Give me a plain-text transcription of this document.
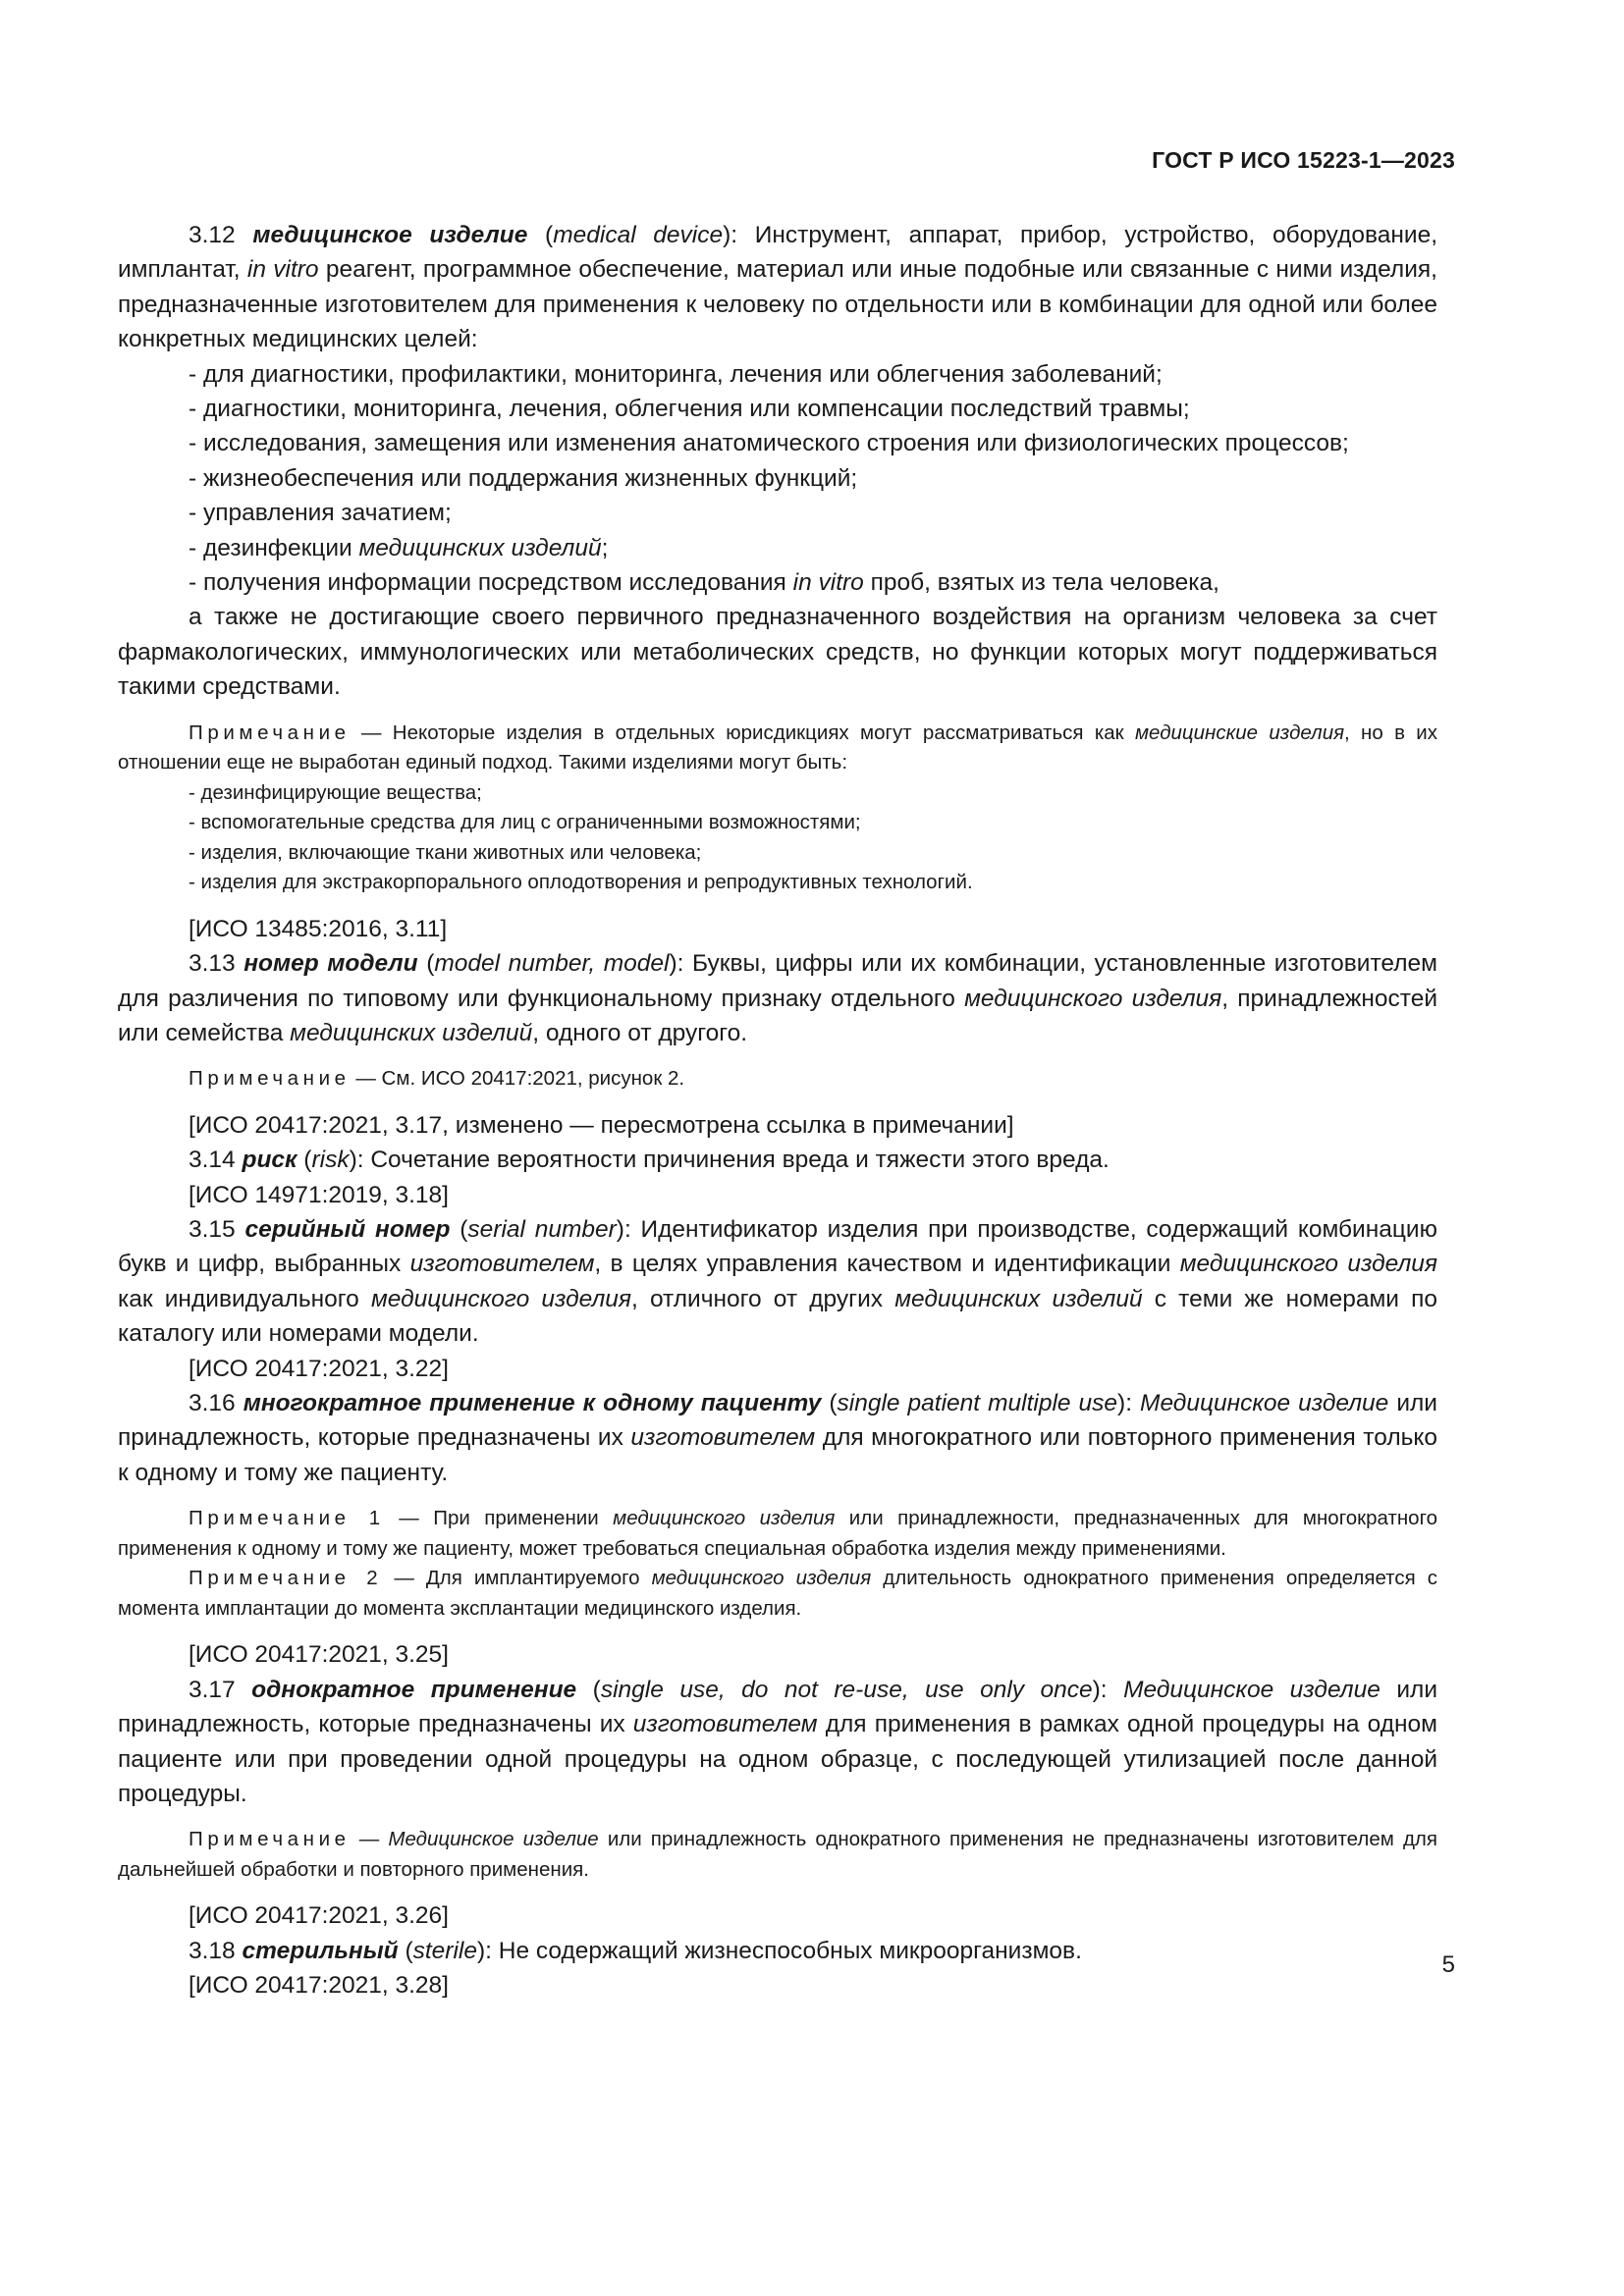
ГОСТ Р ИСО 15223-1—2023

3.12 медицинское изделие (medical device): Инструмент, аппарат, прибор, устройство, оборудование, имплантат, in vitro реагент, программное обеспечение, материал или иные подобные или связанные с ними изделия, предназначенные изготовителем для применения к человеку по отдельности или в комбинации для одной или более конкретных медицинских целей:

- для диагностики, профилактики, мониторинга, лечения или облегчения заболеваний;

- диагностики, мониторинга, лечения, облегчения или компенсации последствий травмы;

- исследования, замещения или изменения анатомического строения или физиологических процессов;

- жизнеобеспечения или поддержания жизненных функций;

- управления зачатием;

- дезинфекции медицинских изделий;

- получения информации посредством исследования in vitro проб, взятых из тела человека,

а также не достигающие своего первичного предназначенного воздействия на организм человека за счет фармакологических, иммунологических или метаболических средств, но функции которых могут поддерживаться такими средствами.

Примечание — Некоторые изделия в отдельных юрисдикциях могут рассматриваться как медицинские изделия, но в их отношении еще не выработан единый подход. Такими изделиями могут быть:

- дезинфицирующие вещества;

- вспомогательные средства для лиц с ограниченными возможностями;

- изделия, включающие ткани животных или человека;

- изделия для экстракорпорального оплодотворения и репродуктивных технологий.

[ИСО 13485:2016, 3.11]

3.13 номер модели (model number, model): Буквы, цифры или их комбинации, установленные изготовителем для различения по типовому или функциональному признаку отдельного медицинского изделия, принадлежностей или семейства медицинских изделий, одного от другого.

Примечание — См. ИСО 20417:2021, рисунок 2.

[ИСО 20417:2021, 3.17, изменено — пересмотрена ссылка в примечании]

3.14 риск (risk): Сочетание вероятности причинения вреда и тяжести этого вреда.

[ИСО 14971:2019, 3.18]

3.15 серийный номер (serial number): Идентификатор изделия при производстве, содержащий комбинацию букв и цифр, выбранных изготовителем, в целях управления качеством и идентификации медицинского изделия как индивидуального медицинского изделия, отличного от других медицинских изделий с теми же номерами по каталогу или номерами модели.

[ИСО 20417:2021, 3.22]

3.16 многократное применение к одному пациенту (single patient multiple use): Медицинское изделие или принадлежность, которые предназначены их изготовителем для многократного или повторного применения только к одному и тому же пациенту.

Примечание 1 — При применении медицинского изделия или принадлежности, предназначенных для многократного применения к одному и тому же пациенту, может требоваться специальная обработка изделия между применениями.

Примечание 2 — Для имплантируемого медицинского изделия длительность однократного применения определяется с момента имплантации до момента эксплантации медицинского изделия.

[ИСО 20417:2021, 3.25]

3.17 однократное применение (single use, do not re-use, use only once): Медицинское изделие или принадлежность, которые предназначены их изготовителем для применения в рамках одной процедуры на одном пациенте или при проведении одной процедуры на одном образце, с последующей утилизацией после данной процедуры.

Примечание — Медицинское изделие или принадлежность однократного применения не предназначены изготовителем для дальнейшей обработки и повторного применения.

[ИСО 20417:2021, 3.26]

3.18 стерильный (sterile): Не содержащий жизнеспособных микроорганизмов.

[ИСО 20417:2021, 3.28]

5
